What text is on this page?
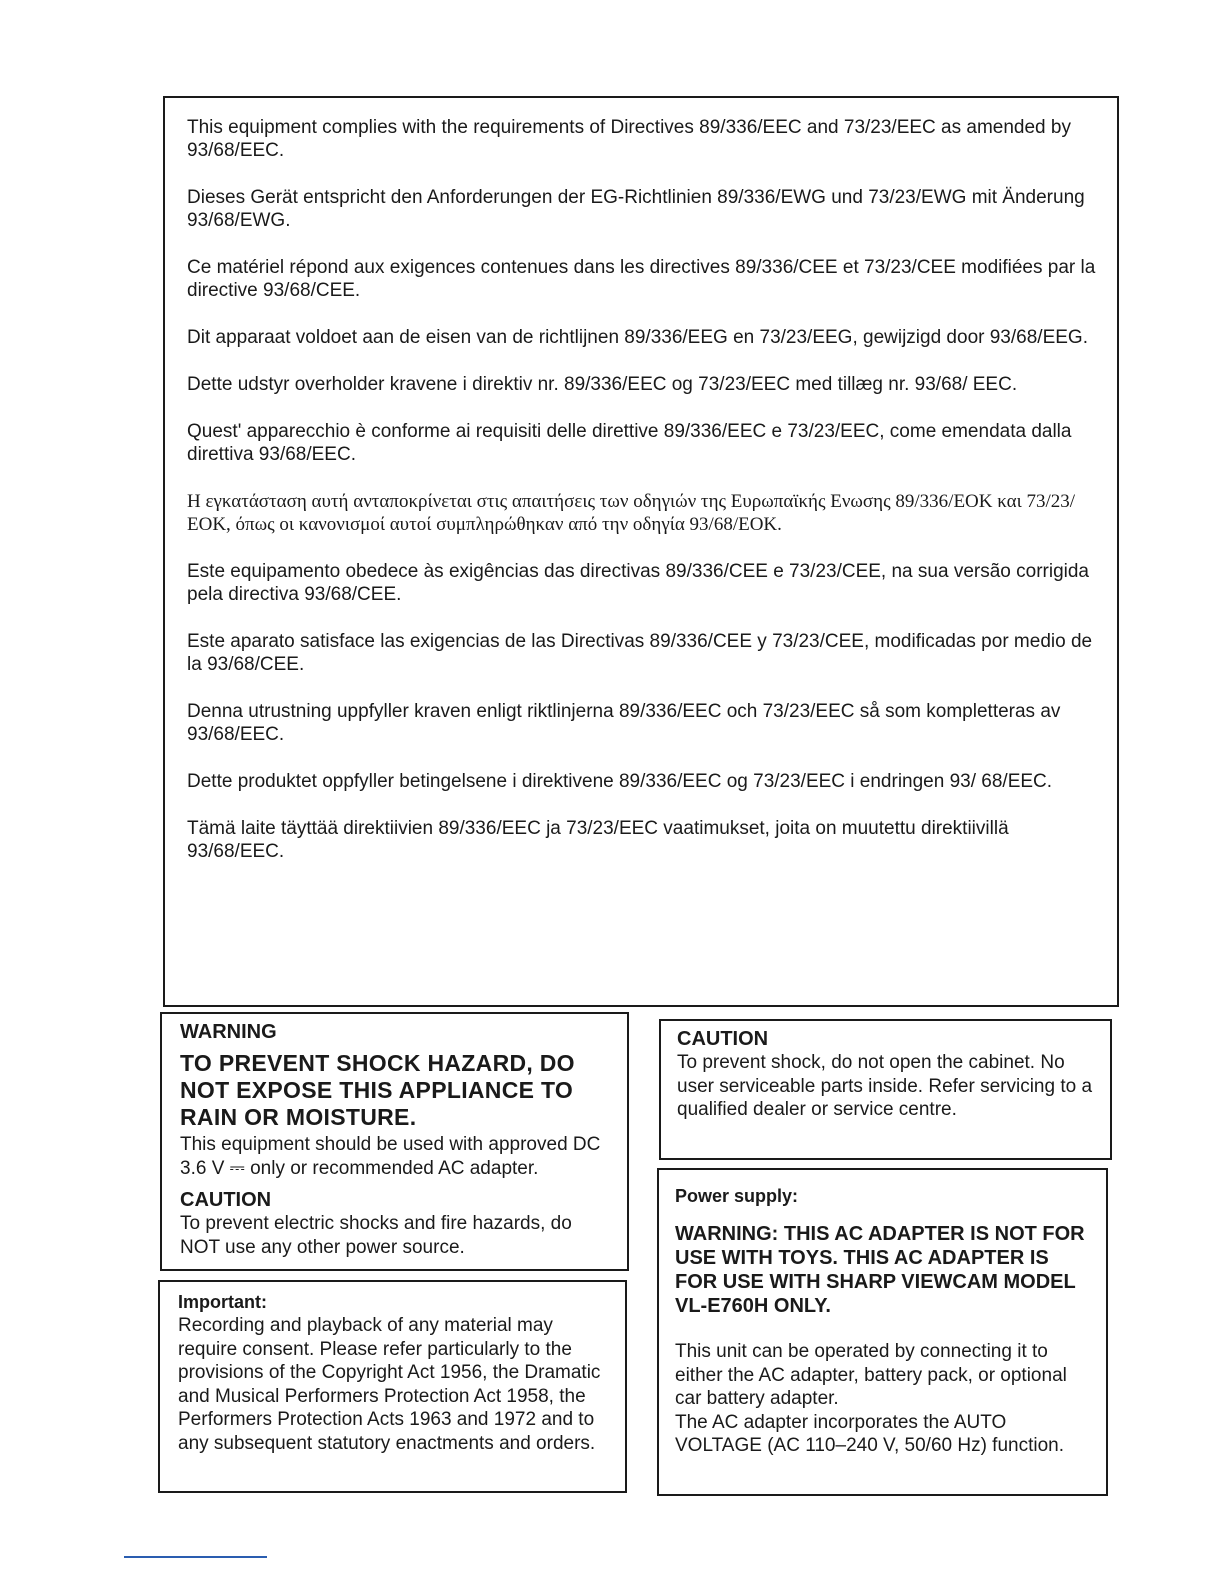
This equipment complies with the requirements of Directives 89/336/EEC and 73/23/EEC as amended by 93/68/EEC.

Dieses Gerät entspricht den Anforderungen der EG-Richtlinien 89/336/EWG und 73/23/EWG mit Änderung 93/68/EWG.

Ce matériel répond aux exigences contenues dans les directives 89/336/CEE et 73/23/CEE modifiées par la directive 93/68/CEE.

Dit apparaat voldoet aan de eisen van de richtlijnen 89/336/EEG en 73/23/EEG, gewijzigd door 93/68/EEG.

Dette udstyr overholder kravene i direktiv nr. 89/336/EEC og 73/23/EEC med tillæg nr. 93/68/ EEC.

Quest' apparecchio è conforme ai requisiti delle direttive 89/336/EEC e 73/23/EEC, come emendata dalla direttiva 93/68/EEC.

Η εγκατάσταση αυτή ανταποκρίνεται στις απαιτήσεις των οδηγιών της Ευρωπαϊκής Ενωσης 89/336/ΕΟΚ και 73/23/ΕΟΚ, όπως οι κανονισμοί αυτοί συμπληρώθηκαν από την οδηγία 93/68/ΕΟΚ.

Este equipamento obedece às exigências das directivas 89/336/CEE e 73/23/CEE, na sua versão corrigida pela directiva 93/68/CEE.

Este aparato satisface las exigencias de las Directivas 89/336/CEE y 73/23/CEE, modificadas por medio de la 93/68/CEE.

Denna utrustning uppfyller kraven enligt riktlinjerna 89/336/EEC och 73/23/EEC så som kompletteras av 93/68/EEC.

Dette produktet oppfyller betingelsene i direktivene 89/336/EEC og 73/23/EEC i endringen 93/ 68/EEC.

Tämä laite täyttää direktiivien 89/336/EEC ja 73/23/EEC vaatimukset, joita on muutettu direktiivillä 93/68/EEC.

WARNING

TO PREVENT SHOCK HAZARD, DO NOT EXPOSE THIS APPLIANCE TO RAIN OR MOISTURE.

This equipment should be used with approved DC 3.6 V ⎓ only or recommended AC adapter.

CAUTION

To prevent electric shocks and fire hazards, do NOT use any other power source.

Important:

Recording and playback of any material may require consent. Please refer particularly to the provisions of the Copyright Act 1956, the Dramatic and Musical Performers Protection Act 1958, the Performers Protection Acts 1963 and 1972 and to any subsequent statutory enactments and orders.

CAUTION

To prevent shock, do not open the cabinet. No user serviceable parts inside. Refer servicing to a qualified dealer or service centre.

Power supply:

WARNING: THIS AC ADAPTER IS NOT FOR USE WITH TOYS. THIS AC ADAPTER IS FOR USE WITH SHARP VIEWCAM MODEL VL-E760H ONLY.

This unit can be operated by connecting it to either the AC adapter, battery pack, or optional car battery adapter.

The AC adapter incorporates the AUTO VOLTAGE (AC 110–240 V, 50/60 Hz) function.
